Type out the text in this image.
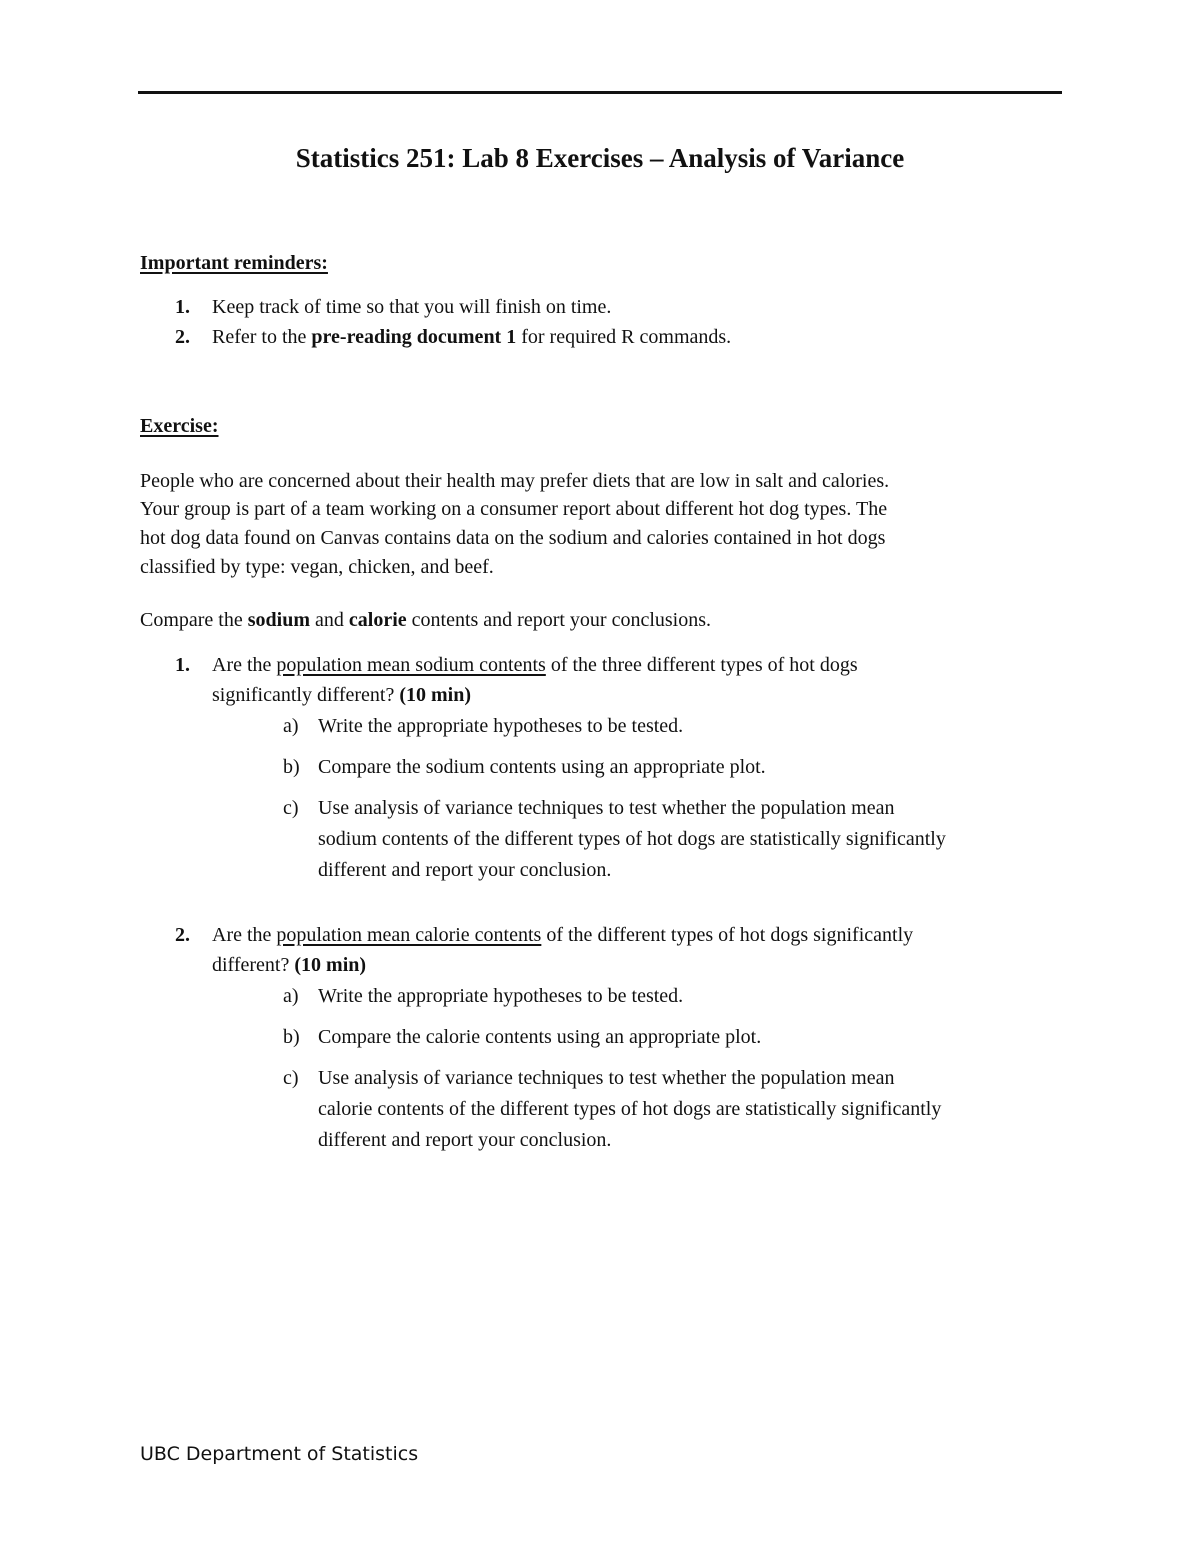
Statistics 251: Lab 8 Exercises – Analysis of Variance

Important reminders:

1. Keep track of time so that you will finish on time.

2. Refer to the pre-reading document 1 for required R commands.

Exercise:

People who are concerned about their health may prefer diets that are low in salt and calories.

Your group is part of a team working on a consumer report about different hot dog types. The

hot dog data found on Canvas contains data on the sodium and calories contained in hot dogs

classified by type: vegan, chicken, and beef.

Compare the sodium and calorie contents and report your conclusions.

1. Are the population mean sodium contents of the three different types of hot dogs

significantly different? (10 min)

a) Write the appropriate hypotheses to be tested.

b) Compare the sodium contents using an appropriate plot.

c) Use analysis of variance techniques to test whether the population mean

sodium contents of the different types of hot dogs are statistically significantly

different and report your conclusion.

2. Are the population mean calorie contents of the different types of hot dogs significantly

different? (10 min)

a) Write the appropriate hypotheses to be tested.

b) Compare the calorie contents using an appropriate plot.

c) Use analysis of variance techniques to test whether the population mean

calorie contents of the different types of hot dogs are statistically significantly

different and report your conclusion.

UBC Department of Statistics
